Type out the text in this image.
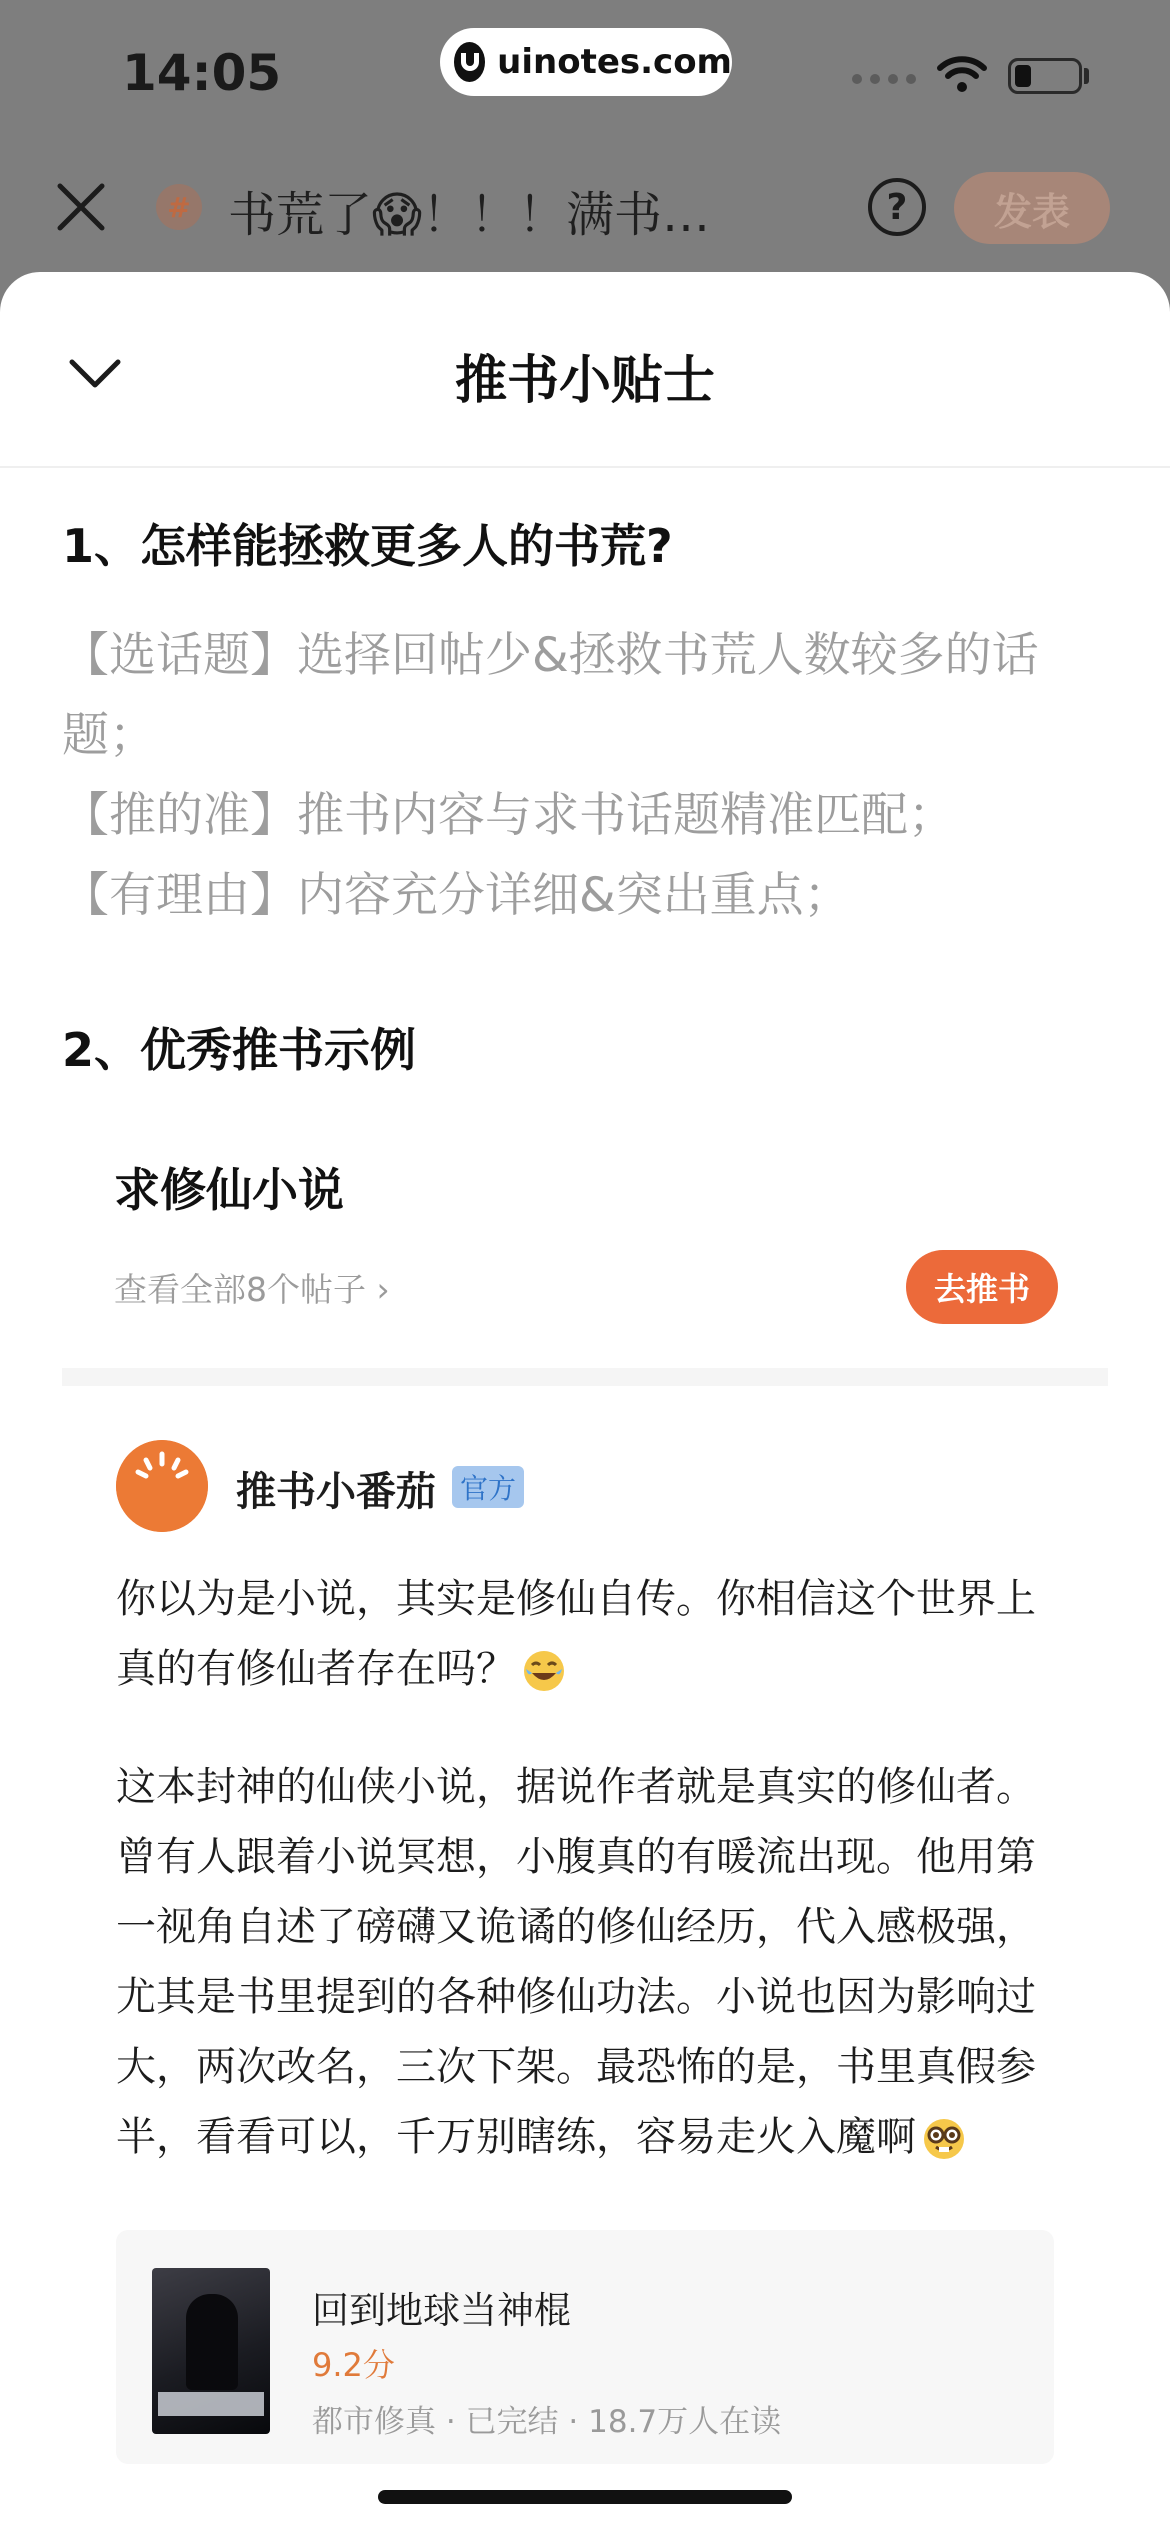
14:05	uinotes.com
# 书荒了😱！！！满书…	?	发表
推书小贴士
1、怎样能拯救更多人的书荒?

【选话题】选择回帖少&拯救书荒人数较多的话题；

【推的准】推书内容与求书话题精准匹配；

【有理由】内容充分详细&突出重点；

2、优秀推书示例
求修仙小说
查看全部8个帖子 ›	去推书
推书小番茄 官方
你以为是小说，其实是修仙自传。你相信这个世界上真的有修仙者存在吗？
这本封神的仙侠小说，据说作者就是真实的修仙者。曾有人跟着小说冥想，小腹真的有暖流出现。他用第一视角自述了磅礴又诡谲的修仙经历，代入感极强，尤其是书里提到的各种修仙功法。小说也因为影响过大，两次改名，三次下架。最恐怖的是，书里真假参半，看看可以，千万别瞎练，容易走火入魔啊
回到地球当神棍
9.2分
都市修真 · 已完结 · 18.7万人在读
